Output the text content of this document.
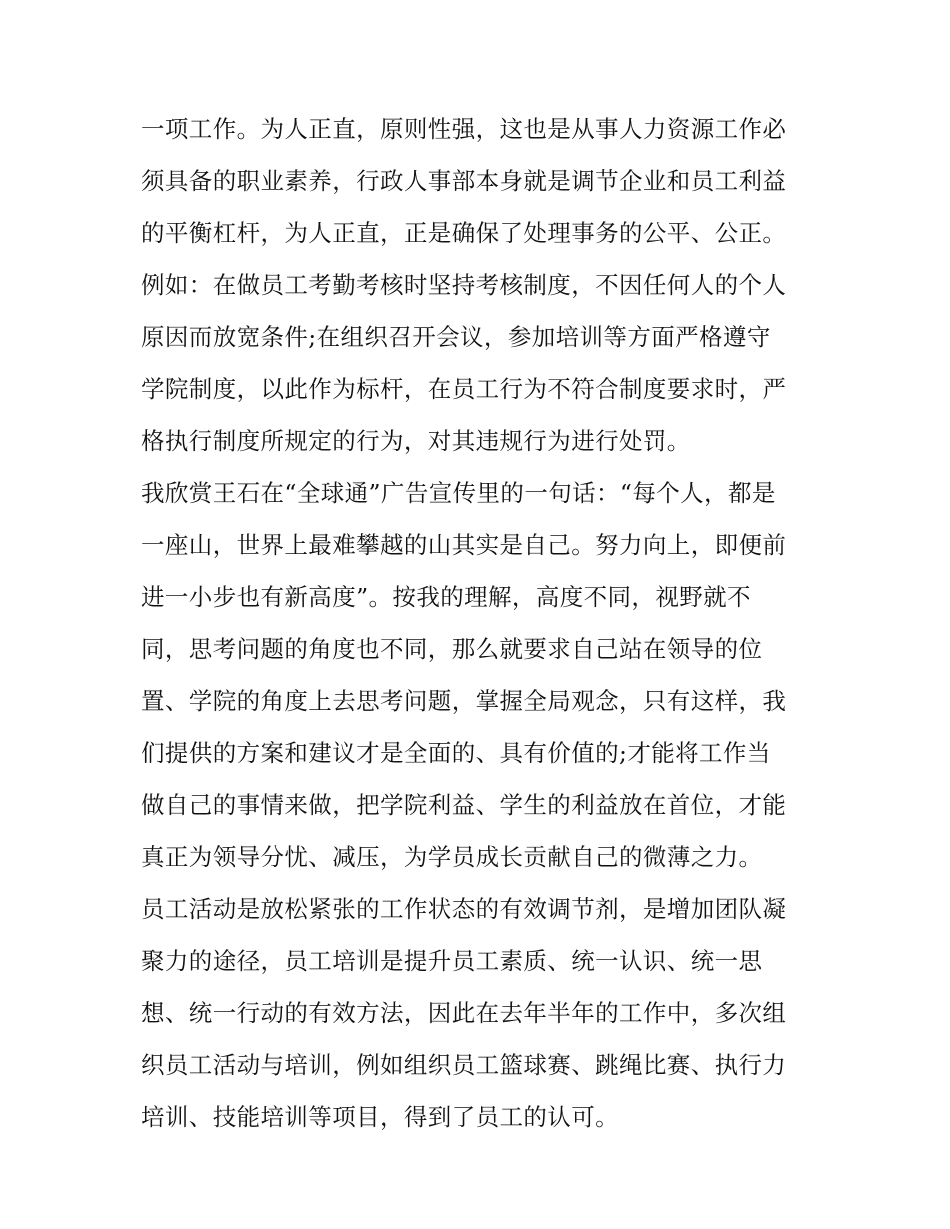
一项工作。为人正直，原则性强，这也是从事人力资源工作必
须具备的职业素养，行政人事部本身就是调节企业和员工利益
的平衡杠杆，为人正直，正是确保了处理事务的公平、公正。
例如：在做员工考勤考核时坚持考核制度，不因任何人的个人
原因而放宽条件;在组织召开会议，参加培训等方面严格遵守
学院制度，以此作为标杆，在员工行为不符合制度要求时，严
格执行制度所规定的行为，对其违规行为进行处罚。
我欣赏王石在“全球通”广告宣传里的一句话：“每个人，都是
一座山，世界上最难攀越的山其实是自己。努力向上，即便前
进一小步也有新高度”。按我的理解，高度不同，视野就不
同，思考问题的角度也不同，那么就要求自己站在领导的位
置、学院的角度上去思考问题，掌握全局观念，只有这样，我
们提供的方案和建议才是全面的、具有价值的;才能将工作当
做自己的事情来做，把学院利益、学生的利益放在首位，才能
真正为领导分忧、减压，为学员成长贡献自己的微薄之力。
员工活动是放松紧张的工作状态的有效调节剂，是增加团队凝
聚力的途径，员工培训是提升员工素质、统一认识、统一思
想、统一行动的有效方法，因此在去年半年的工作中，多次组
织员工活动与培训，例如组织员工篮球赛、跳绳比赛、执行力
培训、技能培训等项目，得到了员工的认可。
